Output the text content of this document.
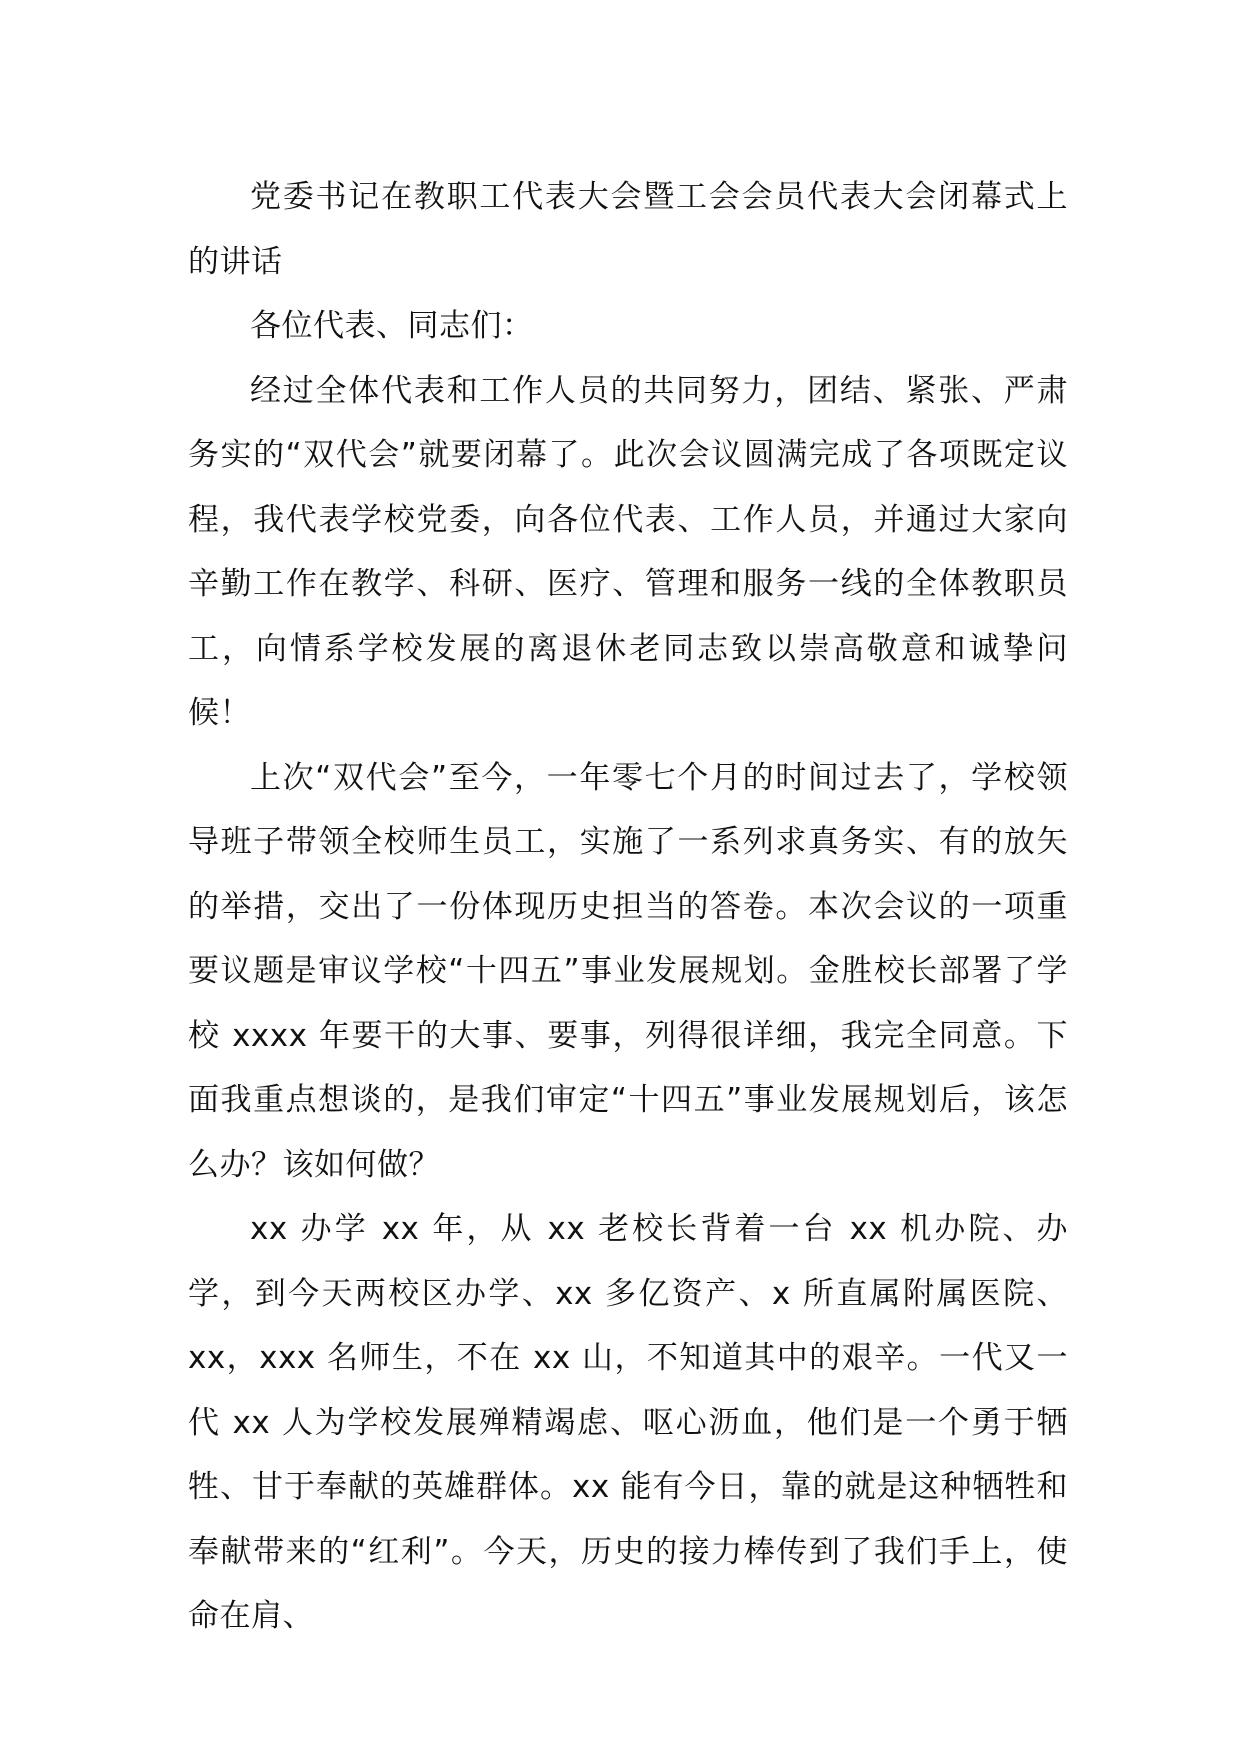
党委书记在教职工代表大会暨工会会员代表大会闭幕式上的讲话

各位代表、同志们：

经过全体代表和工作人员的共同努力，团结、紧张、严肃务实的“双代会”就要闭幕了。此次会议圆满完成了各项既定议程，我代表学校党委，向各位代表、工作人员，并通过大家向辛勤工作在教学、科研、医疗、管理和服务一线的全体教职员工，向情系学校发展的离退休老同志致以崇高敬意和诚挚问候！

上次“双代会”至今，一年零七个月的时间过去了，学校领导班子带领全校师生员工，实施了一系列求真务实、有的放矢的举措，交出了一份体现历史担当的答卷。本次会议的一项重要议题是审议学校“十四五”事业发展规划。金胜校长部署了学校 xxxx 年要干的大事、要事，列得很详细，我完全同意。下面我重点想谈的，是我们审定“十四五”事业发展规划后，该怎么办？该如何做？

xx 办学 xx 年，从 xx 老校长背着一台 xx 机办院、办学，到今天两校区办学、xx 多亿资产、x 所直属附属医院、xx，xxx 名师生，不在 xx 山，不知道其中的艰辛。一代又一代 xx 人为学校发展殚精竭虑、呕心沥血，他们是一个勇于牺牲、甘于奉献的英雄群体。xx 能有今日，靠的就是这种牺牲和奉献带来的“红利”。今天，历史的接力棒传到了我们手上，使命在肩、
